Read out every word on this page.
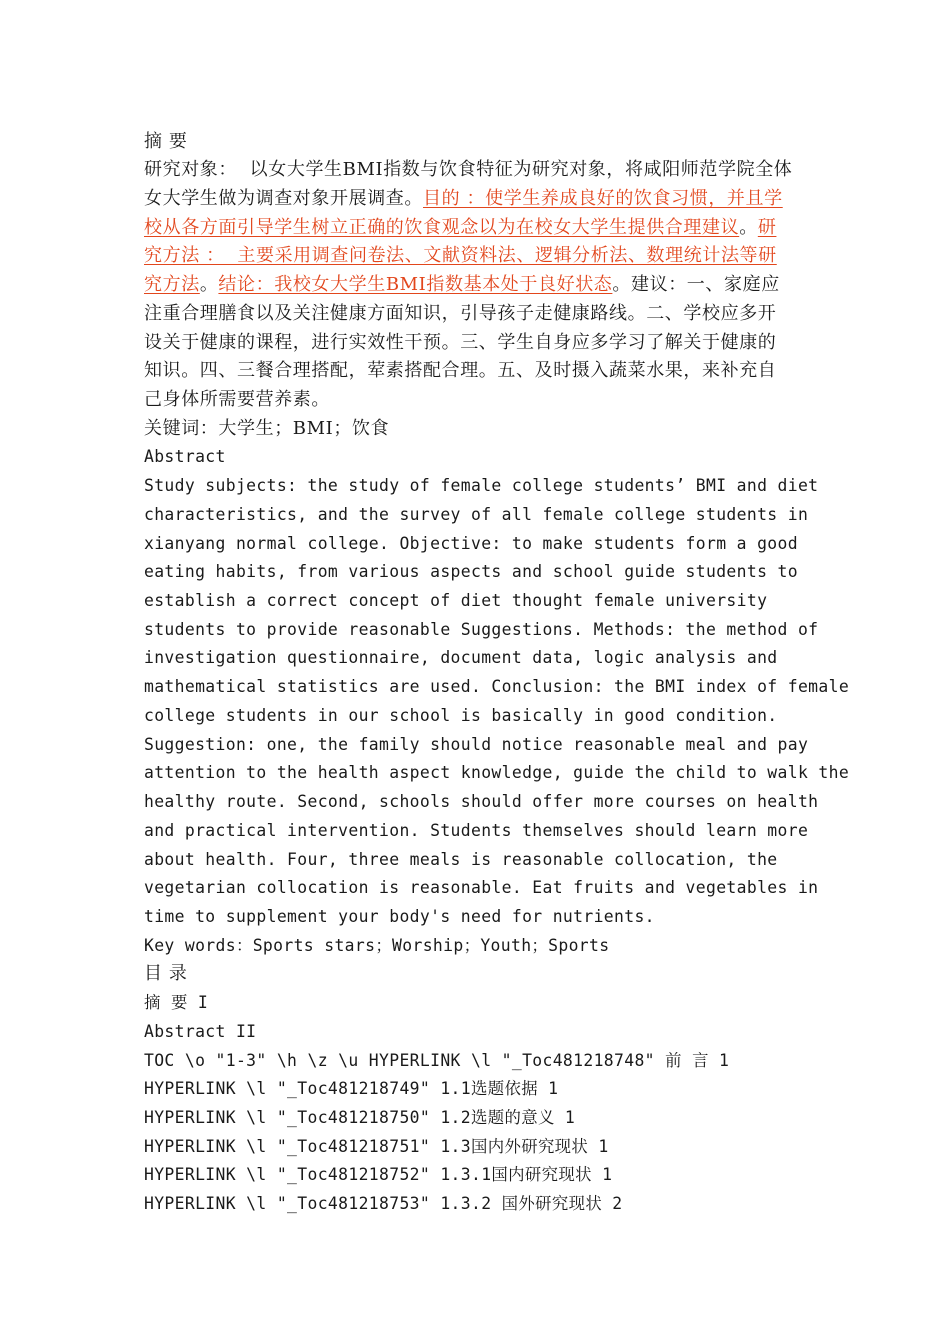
摘 要
研究对象：  以女大学生BMI指数与饮食特征为研究对象，将咸阳师范学院全体
女大学生做为调查对象开展调查。目的 ：使学生养成良好的饮食习惯，并且学
校从各方面引导学生树立正确的饮食观念以为在校女大学生提供合理建议。研
究方法 ：  主要采用调查问卷法、文献资料法、逻辑分析法、数理统计法等研
究方法。结论：我校女大学生BMI指数基本处于良好状态。建议：一、家庭应
注重合理膳食以及关注健康方面知识，引导孩子走健康路线。二、学校应多开
设关于健康的课程，进行实效性干预。三、学生自身应多学习了解关于健康的
知识。四、三餐合理搭配，荤素搭配合理。五、及时摄入蔬菜水果，来补充自
己身体所需要营养素。
关键词：大学生；BMI；饮食
Abstract
Study subjects: the study of female college students’ BMI and diet
characteristics, and the survey of all female college students in
xianyang normal college. Objective: to make students form a good
eating habits, from various aspects and school guide students to
establish a correct concept of diet thought female university
students to provide reasonable Suggestions. Methods: the method of
investigation questionnaire, document data, logic analysis and
mathematical statistics are used. Conclusion: the BMI index of female
college students in our school is basically in good condition.
Suggestion: one, the family should notice reasonable meal and pay
attention to the health aspect knowledge, guide the child to walk the
healthy route. Second, schools should offer more courses on health
and practical intervention. Students themselves should learn more
about health. Four, three meals is reasonable collocation, the
vegetarian collocation is reasonable. Eat fruits and vegetables in
time to supplement your body's need for nutrients.
Key words：Sports stars；Worship；Youth；Sports
目 录
摘 要 I
Abstract II
TOC \o "1-3" \h \z \u HYPERLINK \l "_Toc481218748" 前 言 1
HYPERLINK \l "_Toc481218749" 1.1选题依据 1
HYPERLINK \l "_Toc481218750" 1.2选题的意义 1
HYPERLINK \l "_Toc481218751" 1.3国内外研究现状 1
HYPERLINK \l "_Toc481218752" 1.3.1国内研究现状 1
HYPERLINK \l "_Toc481218753" 1.3.2 国外研究现状 2
